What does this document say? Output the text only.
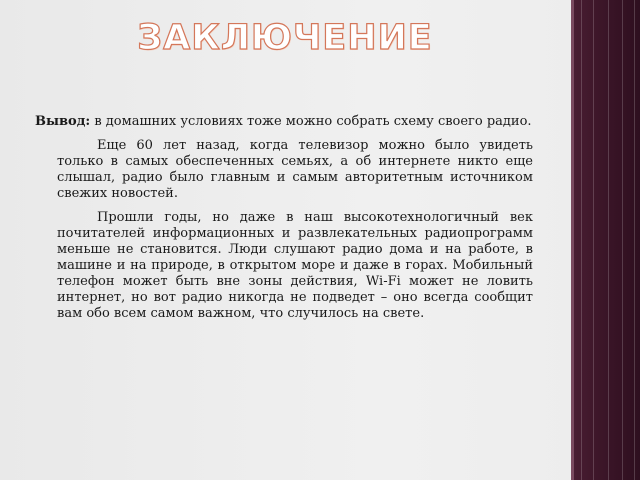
ЗАКЛЮЧЕНИЕ

Вывод: в домашних условиях тоже можно собрать схему своего радио.

Еще 60 лет назад, когда телевизор можно было увидеть только в самых обеспеченных семьях, а об интернете никто еще слышал, радио было главным и самым авторитетным источником свежих новостей.

Прошли годы, но даже в наш высокотехнологичный век почитателей информационных и развлекательных радиопрограмм меньше не становится. Люди слушают радио дома и на работе, в машине и на природе, в открытом море и даже в горах. Мобильный телефон может быть вне зоны действия, Wi-Fi может не ловить интернет, но вот радио никогда не подведет – оно всегда сообщит вам обо всем самом важном, что случилось на свете.
